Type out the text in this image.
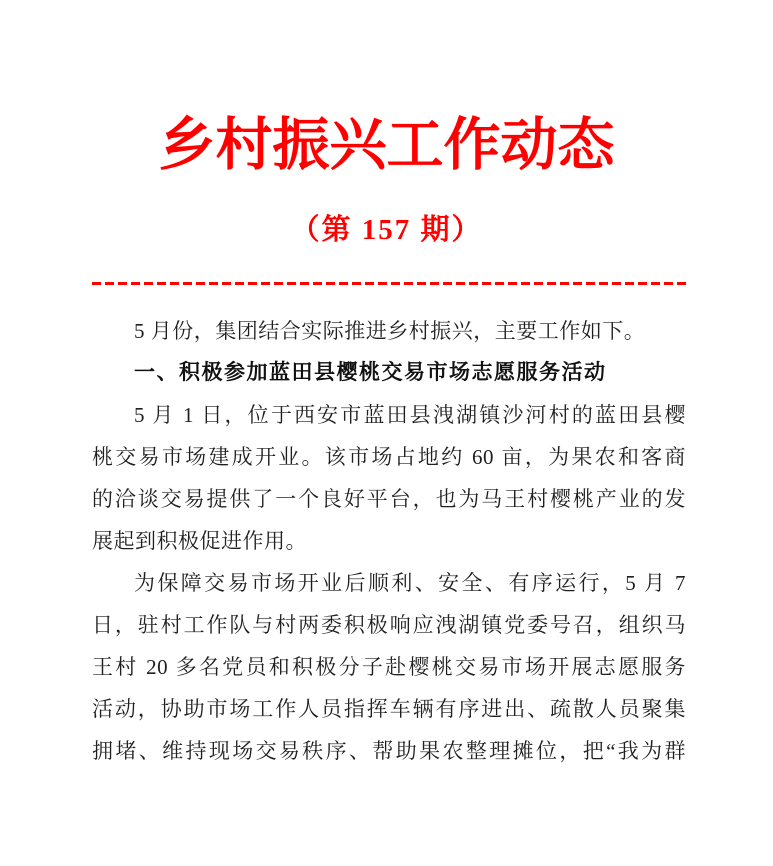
乡村振兴工作动态
（第 157 期）
5 月份，集团结合实际推进乡村振兴，主要工作如下。
一、积极参加蓝田县樱桃交易市场志愿服务活动
5 月 1 日，位于西安市蓝田县洩湖镇沙河村的蓝田县樱
桃交易市场建成开业。该市场占地约 60 亩，为果农和客商
的洽谈交易提供了一个良好平台，也为马王村樱桃产业的发
展起到积极促进作用。
为保障交易市场开业后顺利、安全、有序运行，5 月 7
日，驻村工作队与村两委积极响应洩湖镇党委号召，组织马
王村 20 多名党员和积极分子赴樱桃交易市场开展志愿服务
活动，协助市场工作人员指挥车辆有序进出、疏散人员聚集
拥堵、维持现场交易秩序、帮助果农整理摊位，把“我为群
